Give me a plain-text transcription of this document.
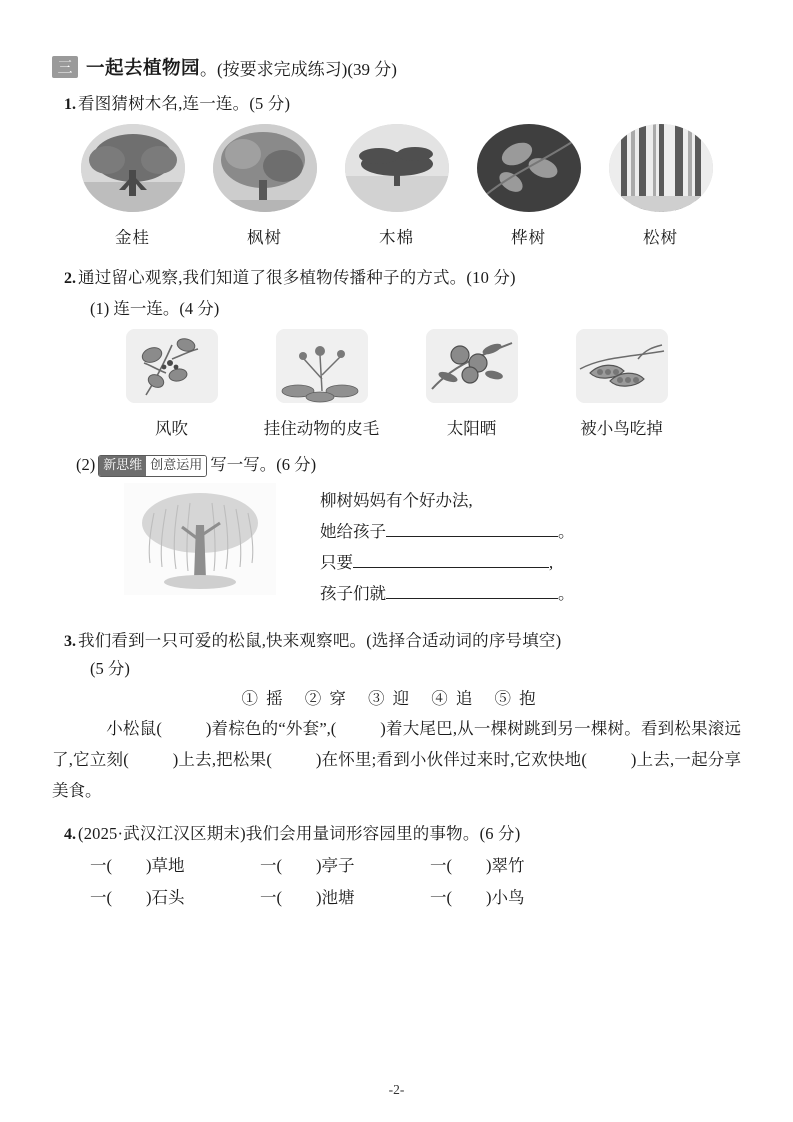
三 一起去植物园 。(按要求完成练习)(39 分)
1. 看图猜树木名,连一连。(5 分)
金桂	枫树	木棉	桦树	松树
2. 通过留心观察,我们知道了很多植物传播种子的方式。(10 分)
(1) 连一连。(4 分)
风吹	挂住动物的皮毛	太阳晒	被小鸟吃掉
(2) 新思维 创意运用 写一写。(6 分)
柳树妈妈有个好办法,
她给孩子	。
只要	,
孩子们就	。
3. 我们看到一只可爱的松鼠,快来观察吧。(选择合适动词的序号填空)
(5 分)
① 摇 ② 穿 ③ 迎 ④ 追 ⑤ 抱
小松鼠(	)着棕色的“外套”,(	)着大尾巴,从一棵树跳到另一棵树。看到松果滚远了,它立刻(	)上去,把松果(	)在怀里;看到小伙伴过来时,它欢快地(	)上去,一起分享美食。
4. (2025·武汉江汉区期末)我们会用量词形容园里的事物。(6 分)
一( )草地	一( )亭子	一( )翠竹
一( )石头	一( )池塘	一( )小鸟
-2-
